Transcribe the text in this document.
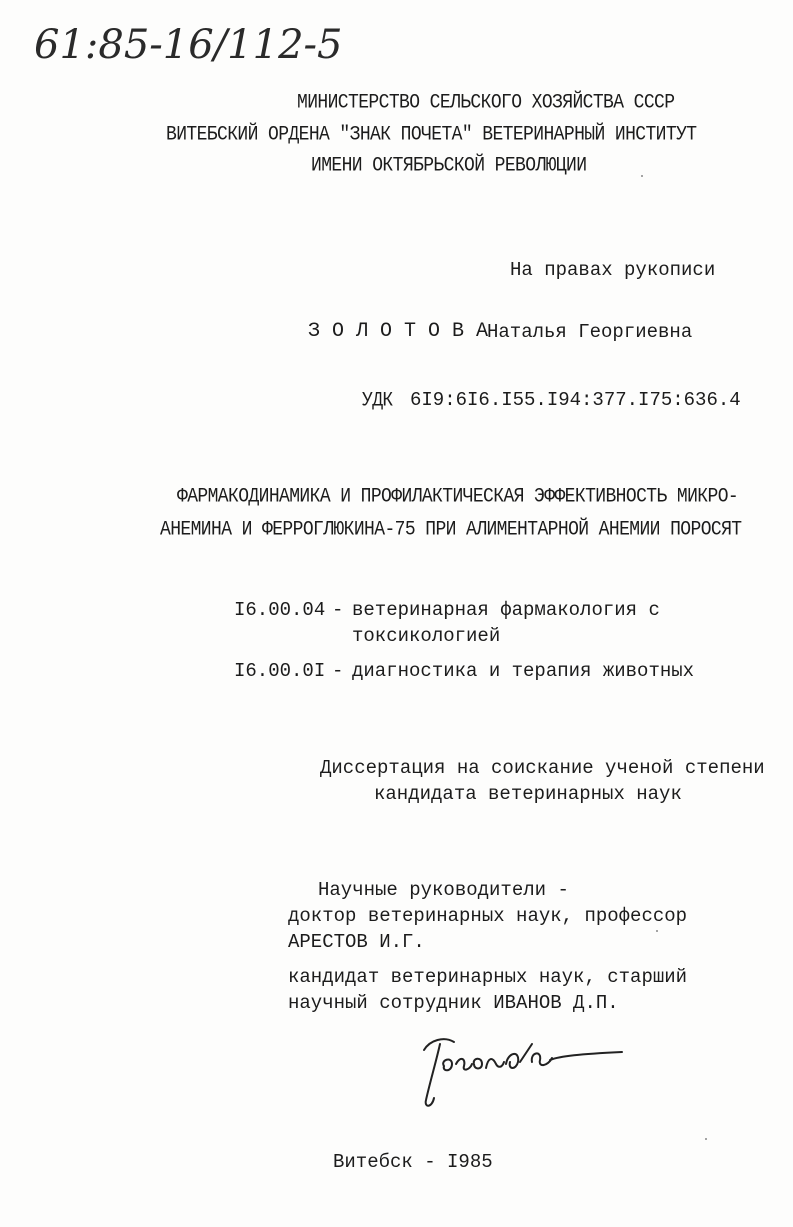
61:85-16/112-5
МИНИСТЕРСТВО СЕЛЬСКОГО ХОЗЯЙСТВА СССР
ВИТЕБСКИЙ ОРДЕНА "ЗНАК ПОЧЕТА" ВЕТЕРИНАРНЫЙ ИНСТИТУТ
ИМЕНИ ОКТЯБРЬСКОЙ РЕВОЛЮЦИИ
На правах рукописи
З О Л О Т О В А
Наталья Георгиевна
УДК 6I9:6I6.I55.I94:377.I75:636.4
ФАРМАКОДИНАМИКА И ПРОФИЛАКТИЧЕСКАЯ ЭФФЕКТИВНОСТЬ МИКРО-
АНЕМИНА И ФЕРРОГЛЮКИНА-75 ПРИ АЛИМЕНТАРНОЙ АНЕМИИ ПОРОСЯТ
I6.00.04 - ветеринарная фармакология с
токсикологией
I6.00.0I - диагностика и терапия животных
Диссертация на соискание ученой степени
кандидата ветеринарных наук
Научные руководители -
доктор ветеринарных наук, профессор
АРЕСТОВ И.Г.
кандидат ветеринарных наук, старший
научный сотрудник ИВАНОВ Д.П.
Витебск - I985
